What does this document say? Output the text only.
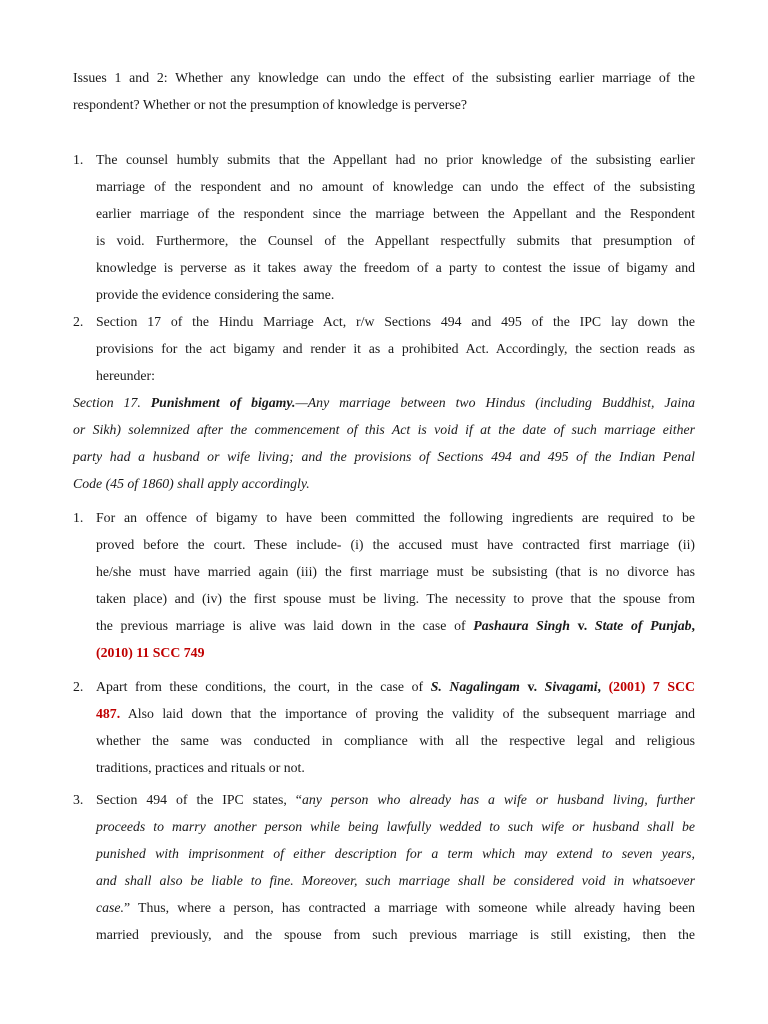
Issues 1 and 2: Whether any knowledge can undo the effect of the subsisting earlier marriage of the
respondent? Whether or not the presumption of knowledge is perverse?
1. The counsel humbly submits that the Appellant had no prior knowledge of the subsisting earlier
marriage of the respondent and no amount of knowledge can undo the effect of the subsisting
earlier marriage of the respondent since the marriage between the Appellant and the Respondent
is void. Furthermore, the Counsel of the Appellant respectfully submits that presumption of
knowledge is perverse as it takes away the freedom of a party to contest the issue of bigamy and
provide the evidence considering the same.
2. Section 17 of the Hindu Marriage Act, r/w Sections 494 and 495 of the IPC lay down the
provisions for the act bigamy and render it as a prohibited Act. Accordingly, the section reads as
hereunder:
Section 17. Punishment of bigamy.—Any marriage between two Hindus (including Buddhist, Jaina
or Sikh) solemnized after the commencement of this Act is void if at the date of such marriage either
party had a husband or wife living; and the provisions of Sections 494 and 495 of the Indian Penal
Code (45 of 1860) shall apply accordingly.
1. For an offence of bigamy to have been committed the following ingredients are required to be
proved before the court. These include- (i) the accused must have contracted first marriage (ii)
he/she must have married again (iii) the first marriage must be subsisting (that is no divorce has
taken place) and (iv) the first spouse must be living. The necessity to prove that the spouse from
the previous marriage is alive was laid down in the case of Pashaura Singh v. State of Punjab,
(2010) 11 SCC 749
2. Apart from these conditions, the court, in the case of S. Nagalingam v. Sivagami, (2001) 7 SCC
487. Also laid down that the importance of proving the validity of the subsequent marriage and
whether the same was conducted in compliance with all the respective legal and religious
traditions, practices and rituals or not.
3. Section 494 of the IPC states, “any person who already has a wife or husband living, further
proceeds to marry another person while being lawfully wedded to such wife or husband shall be
punished with imprisonment of either description for a term which may extend to seven years,
and shall also be liable to fine. Moreover, such marriage shall be considered void in whatsoever
case.” Thus, where a person, has contracted a marriage with someone while already having been
married previously, and the spouse from such previous marriage is still existing, then the
